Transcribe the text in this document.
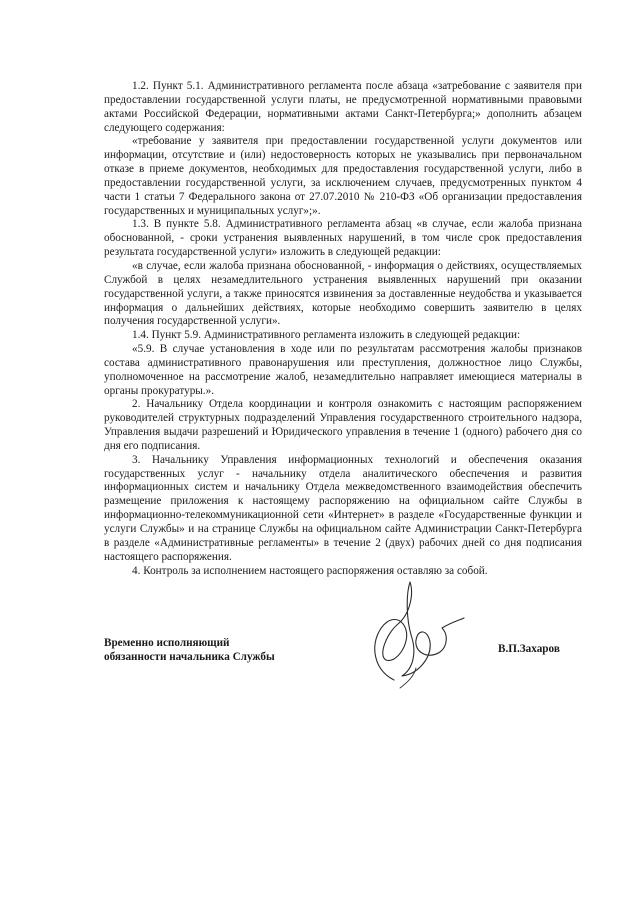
1.2. Пункт 5.1. Административного регламента после абзаца «затребование с заявителя при предоставлении государственной услуги платы, не предусмотренной нормативными правовыми актами Российской Федерации, нормативными актами Санкт-Петербурга;» дополнить абзацем следующего содержания:

«требование у заявителя при предоставлении государственной услуги документов или информации, отсутствие и (или) недостоверность которых не указывались при первоначальном отказе в приеме документов, необходимых для предоставления государственной услуги, либо в предоставлении государственной услуги, за исключением случаев, предусмотренных пунктом 4 части 1 статьи 7 Федерального закона от 27.07.2010 № 210-ФЗ «Об организации предоставления государственных и муниципальных услуг»;».

1.3. В пункте 5.8. Административного регламента абзац «в случае, если жалоба признана обоснованной, - сроки устранения выявленных нарушений, в том числе срок предоставления результата государственной услуги» изложить в следующей редакции:

«в случае, если жалоба признана обоснованной, - информация о действиях, осуществляемых Службой в целях незамедлительного устранения выявленных нарушений при оказании государственной услуги, а также приносятся извинения за доставленные неудобства и указывается информация о дальнейших действиях, которые необходимо совершить заявителю в целях получения государственной услуги».

1.4. Пункт 5.9. Административного регламента изложить в следующей редакции:

«5.9. В случае установления в ходе или по результатам рассмотрения жалобы признаков состава административного правонарушения или преступления, должностное лицо Службы, уполномоченное на рассмотрение жалоб, незамедлительно направляет имеющиеся материалы в органы прокуратуры.».

2. Начальнику Отдела координации и контроля ознакомить с настоящим распоряжением руководителей структурных подразделений Управления государственного строительного надзора, Управления выдачи разрешений и Юридического управления в течение 1 (одного) рабочего дня со дня его подписания.

3. Начальнику Управления информационных технологий и обеспечения оказания государственных услуг - начальнику отдела аналитического обеспечения и развития информационных систем и начальнику Отдела межведомственного взаимодействия обеспечить размещение приложения к настоящему распоряжению на официальном сайте Службы в информационно-телекоммуникационной сети «Интернет» в разделе «Государственные функции и услуги Службы» и на странице Службы на официальном сайте Администрации Санкт-Петербурга в разделе «Административные регламенты» в течение 2 (двух) рабочих дней со дня подписания настоящего распоряжения.

4. Контроль за исполнением настоящего распоряжения оставляю за собой.

Временно исполняющий
обязанности начальника Службы
В.П.Захаров
